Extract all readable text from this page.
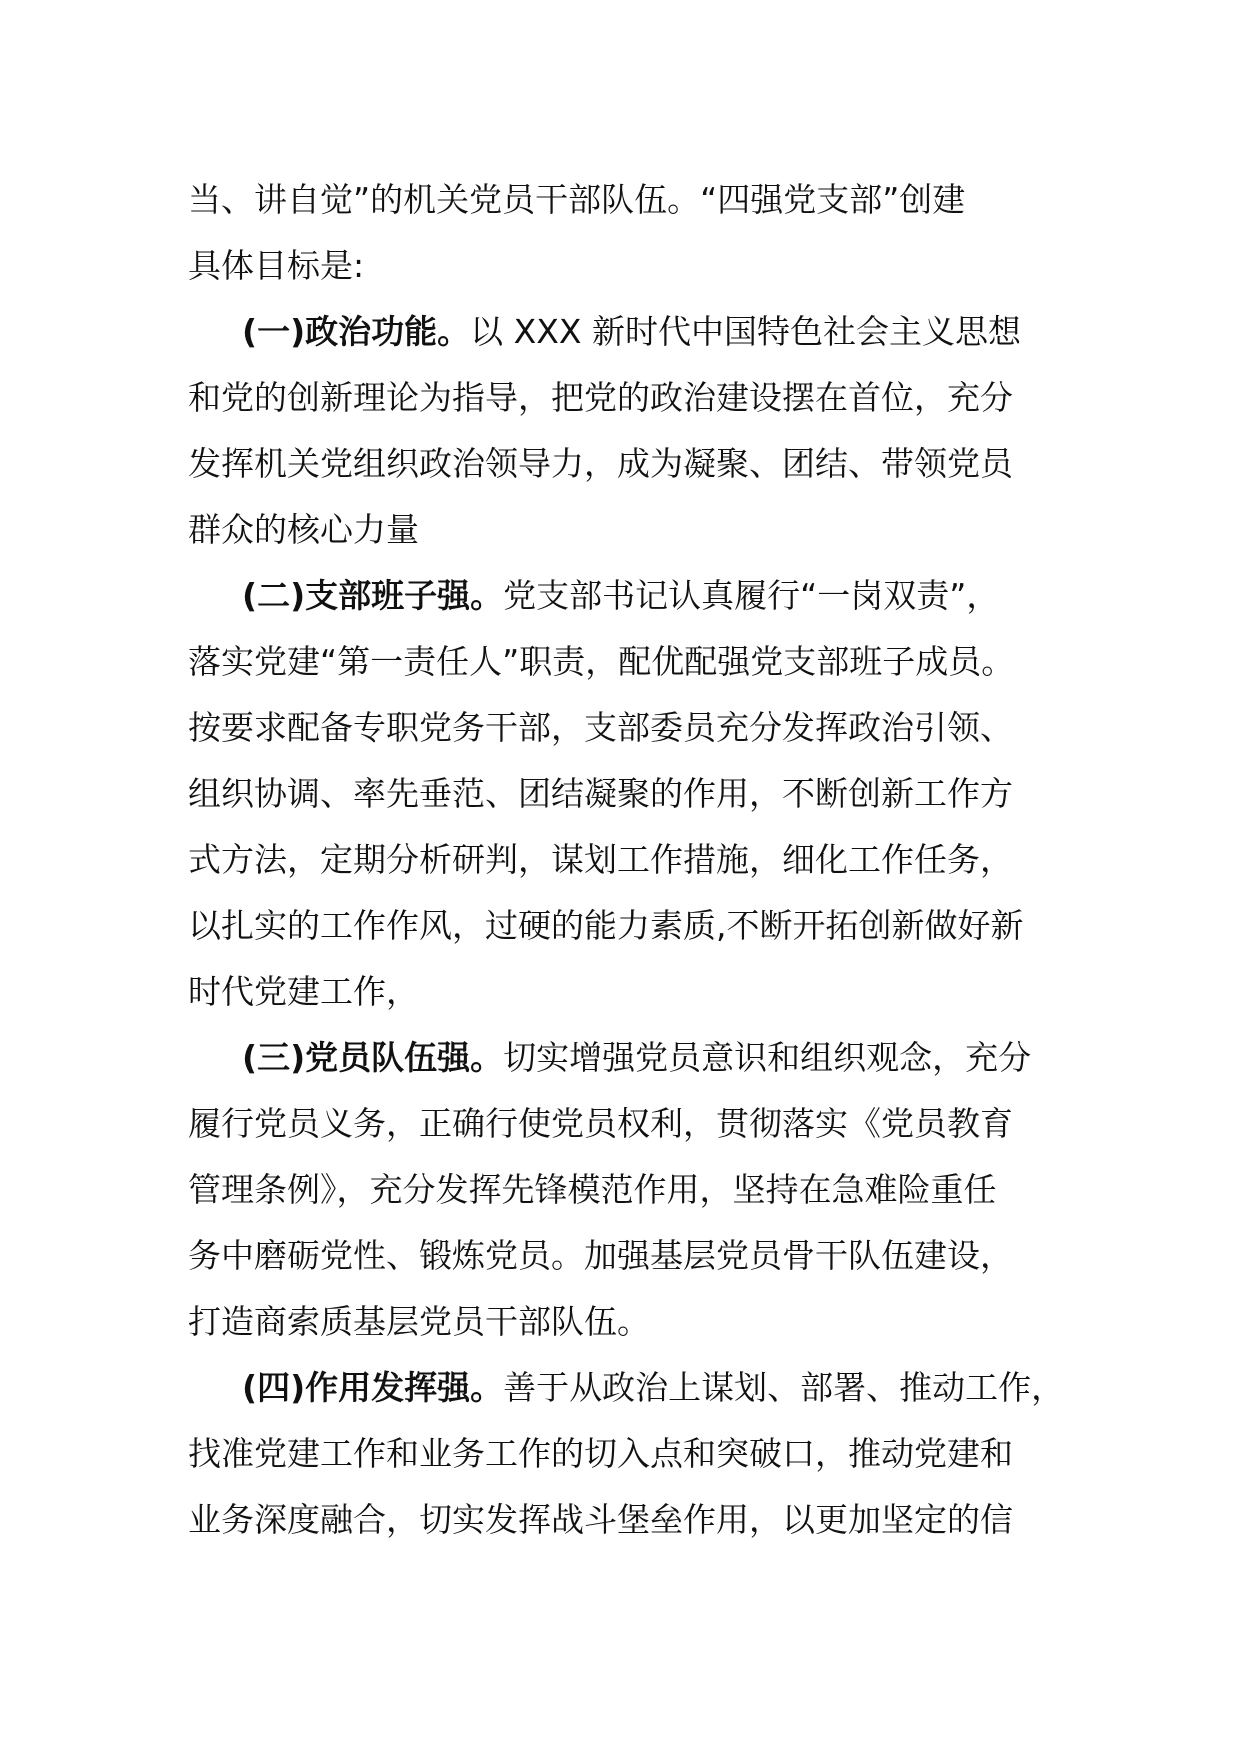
当、讲自觉”的机关党员干部队伍。“四强党支部”创建
具体目标是:
(一)政治功能。以 XXX 新时代中国特色社会主义思想
和党的创新理论为指导，把党的政治建设摆在首位，充分
发挥机关党组织政治领导力，成为凝聚、团结、带领党员
群众的核心力量
(二)支部班子强。党支部书记认真履行“一岗双责”，
落实党建“第一责任人”职责，配优配强党支部班子成员。
按要求配备专职党务干部，支部委员充分发挥政治引领、
组织协调、率先垂范、团结凝聚的作用，不断创新工作方
式方法，定期分析研判，谋划工作措施，细化工作任务，
以扎实的工作作风，过硬的能力素质,不断开拓创新做好新
时代党建工作，
(三)党员队伍强。切实增强党员意识和组织观念，充分
履行党员义务，正确行使党员权利，贯彻落实《党员教育
管理条例》，充分发挥先锋模范作用，坚持在急难险重任
务中磨砺党性、锻炼党员。加强基层党员骨干队伍建设，
打造商索质基层党员干部队伍。
(四)作用发挥强。善于从政治上谋划、部署、推动工作，
找准党建工作和业务工作的切入点和突破口，推动党建和
业务深度融合，切实发挥战斗堡垒作用，以更加坚定的信
